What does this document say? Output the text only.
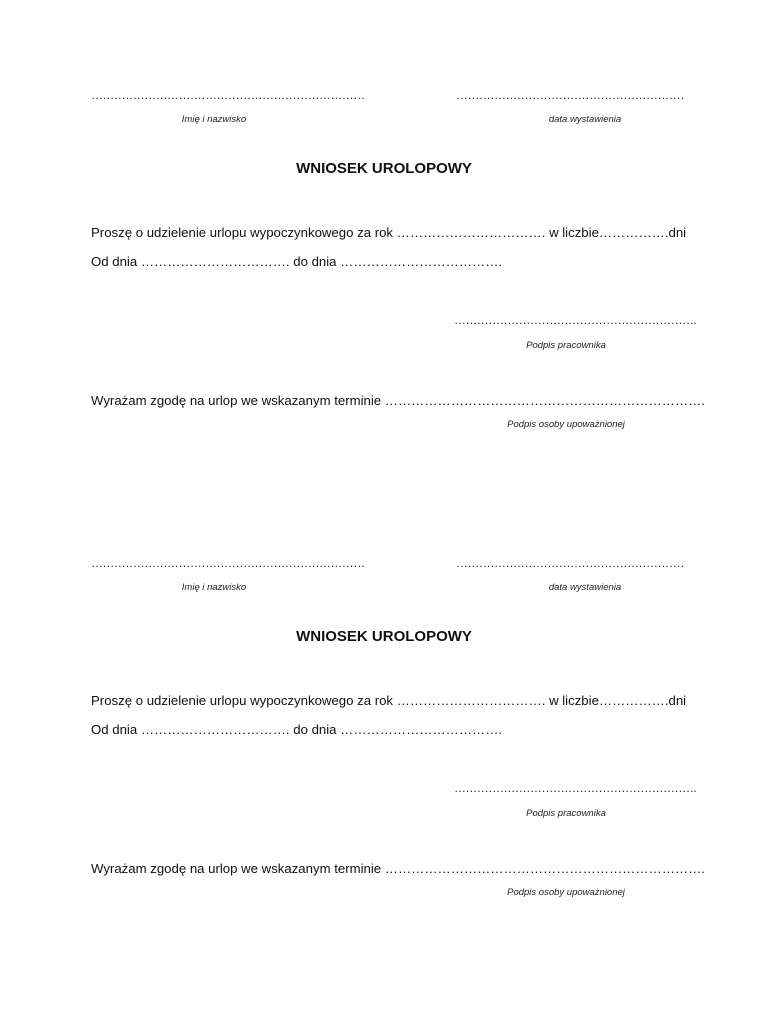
………………………………………………………………	……………………………………………………
Imię i nazwisko	data wystawienia
WNIOSEK UROLOPOWY
Proszę o udzielenie urlopu wypoczynkowego za rok ……………………………. w liczbie…………….dni
Od dnia ……………………………. do dnia ……………………………….
……………………………………………………….
Podpis pracownika
Wyrażam zgodę na urlop we wskazanym terminie ……………………………………………………………….
Podpis osoby upoważnionej
………………………………………………………………	……………………………………………………
Imię i nazwisko	data wystawienia
WNIOSEK UROLOPOWY
Proszę o udzielenie urlopu wypoczynkowego za rok ……………………………. w liczbie…………….dni
Od dnia ……………………………. do dnia ……………………………….
……………………………………………………….
Podpis pracownika
Wyrażam zgodę na urlop we wskazanym terminie ……………………………………………………………….
Podpis osoby upoważnionej
